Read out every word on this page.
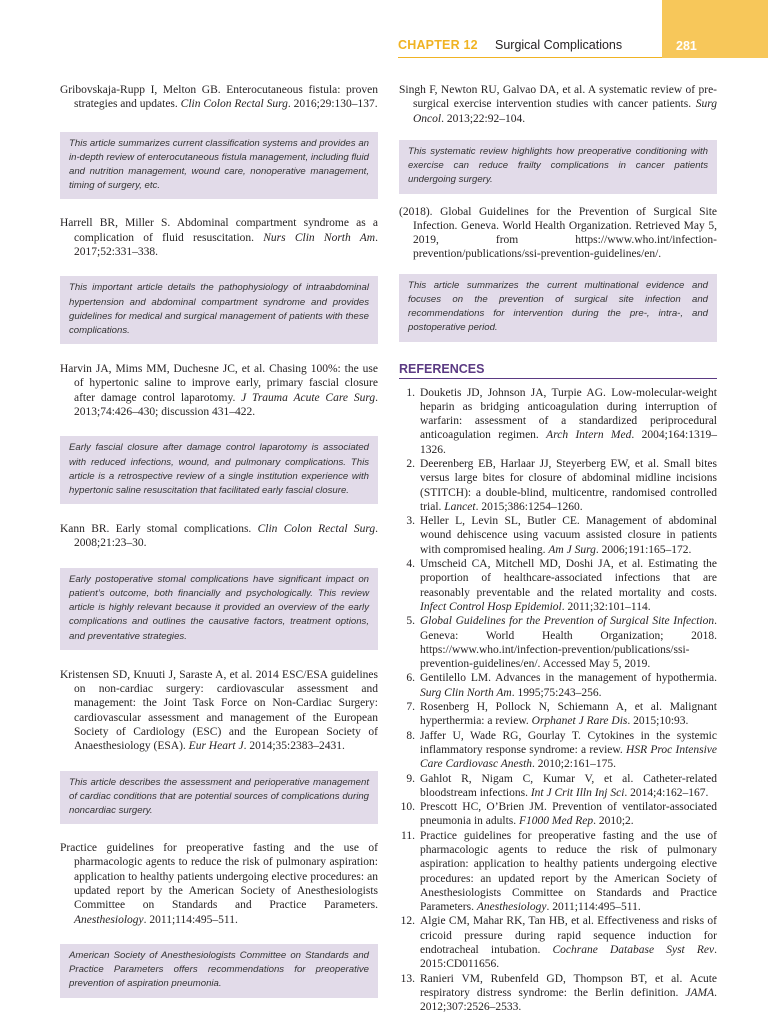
CHAPTER 12 Surgical Complications	281

Gribovskaja-Rupp I, Melton GB. Enterocutaneous fistula: proven strategies and updates. Clin Colon Rectal Surg. 2016;29:130–137.

This article summarizes current classification systems and provides an in-depth review of enterocutaneous fistula management, including fluid and nutrition management, wound care, nonoperative management, timing of surgery, etc.

Harrell BR, Miller S. Abdominal compartment syndrome as a complication of fluid resuscitation. Nurs Clin North Am. 2017;52:331–338.

This important article details the pathophysiology of intraabdominal hypertension and abdominal compartment syndrome and provides guidelines for medical and surgical management of patients with these complications.

Harvin JA, Mims MM, Duchesne JC, et al. Chasing 100%: the use of hypertonic saline to improve early, primary fascial closure after damage control laparotomy. J Trauma Acute Care Surg. 2013;74:426–430; discussion 431–422.

Early fascial closure after damage control laparotomy is associated with reduced infections, wound, and pulmonary complications. This article is a retrospective review of a single institution experience with hypertonic saline resuscitation that facilitated early fascial closure.

Kann BR. Early stomal complications. Clin Colon Rectal Surg. 2008;21:23–30.

Early postoperative stomal complications have significant impact on patient’s outcome, both financially and psychologically. This review article is highly relevant because it provided an overview of the early complications and outlines the causative factors, treatment options, and preventative strategies.

Kristensen SD, Knuuti J, Saraste A, et al. 2014 ESC/ESA guidelines on non-cardiac surgery: cardiovascular assessment and management: the Joint Task Force on Non-Cardiac Surgery: cardiovascular assessment and management of the European Society of Cardiology (ESC) and the European Society of Anaesthesiology (ESA). Eur Heart J. 2014;35:2383–2431.

This article describes the assessment and perioperative management of cardiac conditions that are potential sources of complications during noncardiac surgery.

Practice guidelines for preoperative fasting and the use of pharmacologic agents to reduce the risk of pulmonary aspiration: application to healthy patients undergoing elective procedures: an updated report by the American Society of Anesthesiologists Committee on Standards and Practice Parameters. Anesthesiology. 2011;114:495–511.

American Society of Anesthesiologists Committee on Standards and Practice Parameters offers recommendations for preoperative prevention of aspiration pneumonia.

Singh F, Newton RU, Galvao DA, et al. A systematic review of pre-surgical exercise intervention studies with cancer patients. Surg Oncol. 2013;22:92–104.

This systematic review highlights how preoperative conditioning with exercise can reduce frailty complications in cancer patients undergoing surgery.

(2018). Global Guidelines for the Prevention of Surgical Site Infection. Geneva. World Health Organization. Retrieved May 5, 2019, from https://www.who.int/infection-prevention/publications/ssi-prevention-guidelines/en/.

This article summarizes the current multinational evidence and focuses on the prevention of surgical site infection and recommendations for intervention during the pre-, intra-, and postoperative period.
REFERENCES
1. Douketis JD, Johnson JA, Turpie AG. Low-molecular-weight heparin as bridging anticoagulation during interruption of warfarin: assessment of a standardized periprocedural anticoagulation regimen. Arch Intern Med. 2004;164:1319–1326.
2. Deerenberg EB, Harlaar JJ, Steyerberg EW, et al. Small bites versus large bites for closure of abdominal midline incisions (STITCH): a double-blind, multicentre, randomised controlled trial. Lancet. 2015;386:1254–1260.
3. Heller L, Levin SL, Butler CE. Management of abdominal wound dehiscence using vacuum assisted closure in patients with compromised healing. Am J Surg. 2006;191:165–172.
4. Umscheid CA, Mitchell MD, Doshi JA, et al. Estimating the proportion of healthcare-associated infections that are reasonably preventable and the related mortality and costs. Infect Control Hosp Epidemiol. 2011;32:101–114.
5. Global Guidelines for the Prevention of Surgical Site Infection. Geneva: World Health Organization; 2018. https://www.who.int/infection-prevention/publications/ssi-prevention-guidelines/en/. Accessed May 5, 2019.
6. Gentilello LM. Advances in the management of hypothermia. Surg Clin North Am. 1995;75:243–256.
7. Rosenberg H, Pollock N, Schiemann A, et al. Malignant hyperthermia: a review. Orphanet J Rare Dis. 2015;10:93.
8. Jaffer U, Wade RG, Gourlay T. Cytokines in the systemic inflammatory response syndrome: a review. HSR Proc Intensive Care Cardiovasc Anesth. 2010;2:161–175.
9. Gahlot R, Nigam C, Kumar V, et al. Catheter-related bloodstream infections. Int J Crit Illn Inj Sci. 2014;4:162–167.
10. Prescott HC, O’Brien JM. Prevention of ventilator-associated pneumonia in adults. F1000 Med Rep. 2010;2.
11. Practice guidelines for preoperative fasting and the use of pharmacologic agents to reduce the risk of pulmonary aspiration: application to healthy patients undergoing elective procedures: an updated report by the American Society of Anesthesiologists Committee on Standards and Practice Parameters. Anesthesiology. 2011;114:495–511.
12. Algie CM, Mahar RK, Tan HB, et al. Effectiveness and risks of cricoid pressure during rapid sequence induction for endotracheal intubation. Cochrane Database Syst Rev. 2015:CD011656.
13. Ranieri VM, Rubenfeld GD, Thompson BT, et al. Acute respiratory distress syndrome: the Berlin definition. JAMA. 2012;307:2526–2533.
